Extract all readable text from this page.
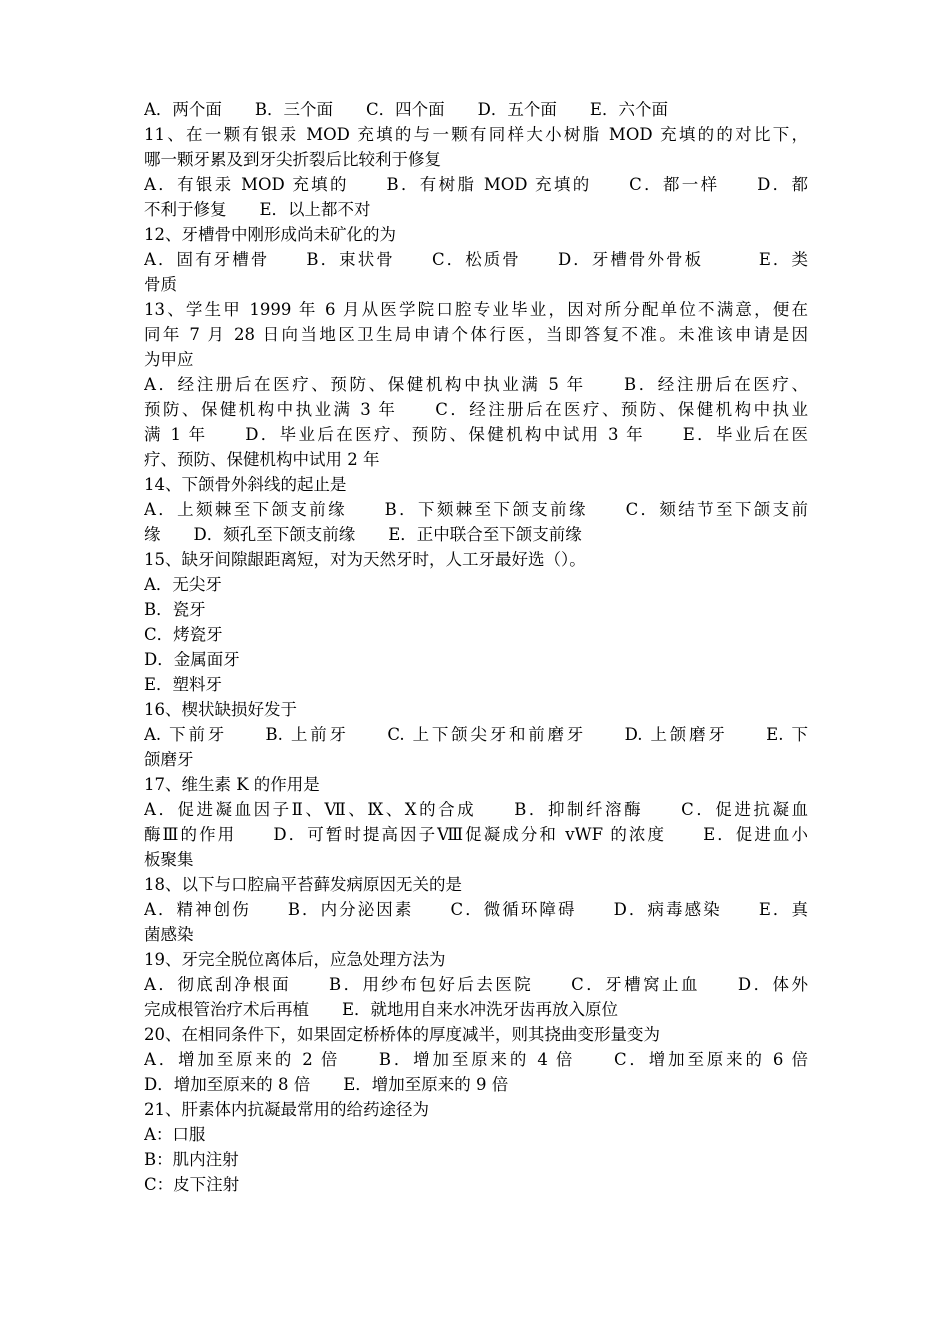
A．两个面　　B．三个面　　C．四个面　　D．五个面　　E．六个面
11、在一颗有银汞 MOD 充填的与一颗有同样大小树脂 MOD 充填的的对比下，
哪一颗牙累及到牙尖折裂后比较利于修复
A．有银汞 MOD 充填的　　B．有树脂 MOD 充填的　　C．都一样　　D．都
不利于修复　　E．以上都不对
12、牙槽骨中刚形成尚未矿化的为
A．固有牙槽骨　　B．束状骨　　C．松质骨　　D．牙槽骨外骨板　　　E．类
骨质
13、学生甲 1999 年 6 月从医学院口腔专业毕业，因对所分配单位不满意，便在
同年 7 月 28 日向当地区卫生局申请个体行医，当即答复不准。未准该申请是因
为甲应
A．经注册后在医疗、预防、保健机构中执业满 5 年　　B．经注册后在医疗、
预防、保健机构中执业满 3 年　　C．经注册后在医疗、预防、保健机构中执业
满 1 年　　D．毕业后在医疗、预防、保健机构中试用 3 年　　E．毕业后在医
疗、预防、保健机构中试用 2 年
14、下颌骨外斜线的起止是
A．上颏棘至下颌支前缘　　B．下颏棘至下颌支前缘　　C．颏结节至下颌支前
缘　　D．颏孔至下颌支前缘　　E．正中联合至下颌支前缘
15、缺牙间隙龈距离短，对为天然牙时，人工牙最好选（）。
A．无尖牙
B．瓷牙
C．烤瓷牙
D．金属面牙
E．塑料牙
16、楔状缺损好发于
A. 下前牙　　B. 上前牙　　C. 上下颌尖牙和前磨牙　　D. 上颌磨牙　　E. 下
颌磨牙
17、维生素 K 的作用是
A．促进凝血因子Ⅱ、Ⅶ、Ⅸ、Ⅹ的合成　　B．抑制纤溶酶　　C．促进抗凝血
酶Ⅲ的作用　　D．可暂时提高因子Ⅷ促凝成分和 vWF 的浓度　　E．促进血小
板聚集
18、以下与口腔扁平苔藓发病原因无关的是
A．精神创伤　　B．内分泌因素　　C．微循环障碍　　D．病毒感染　　E．真
菌感染
19、牙完全脱位离体后，应急处理方法为
A．彻底刮净根面　　B．用纱布包好后去医院　　C．牙槽窝止血　　D．体外
完成根管治疗术后再植　　E．就地用自来水冲洗牙齿再放入原位
20、在相同条件下，如果固定桥桥体的厚度减半，则其挠曲变形量变为
A．增加至原来的 2 倍　　B．增加至原来的 4 倍　　C．增加至原来的 6 倍
D．增加至原来的 8 倍　　E．增加至原来的 9 倍
21、肝素体内抗凝最常用的给药途径为
A：口服
B：肌内注射
C：皮下注射
